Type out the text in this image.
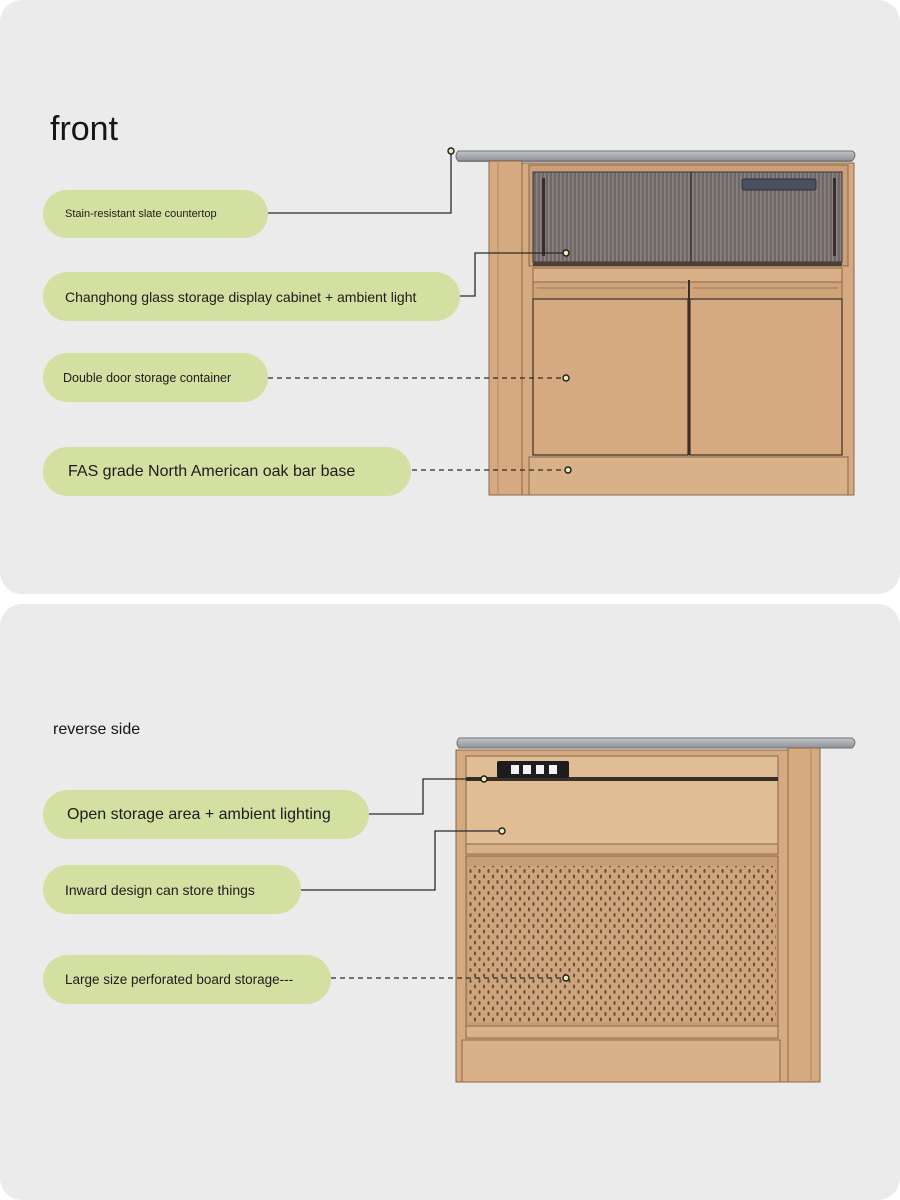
front
Stain-resistant slate countertop
Changhong glass storage display cabinet + ambient light
Double door storage container
FAS grade North American oak bar base
reverse side
Open storage area + ambient lighting
Inward design can store things
Large size perforated board storage---
